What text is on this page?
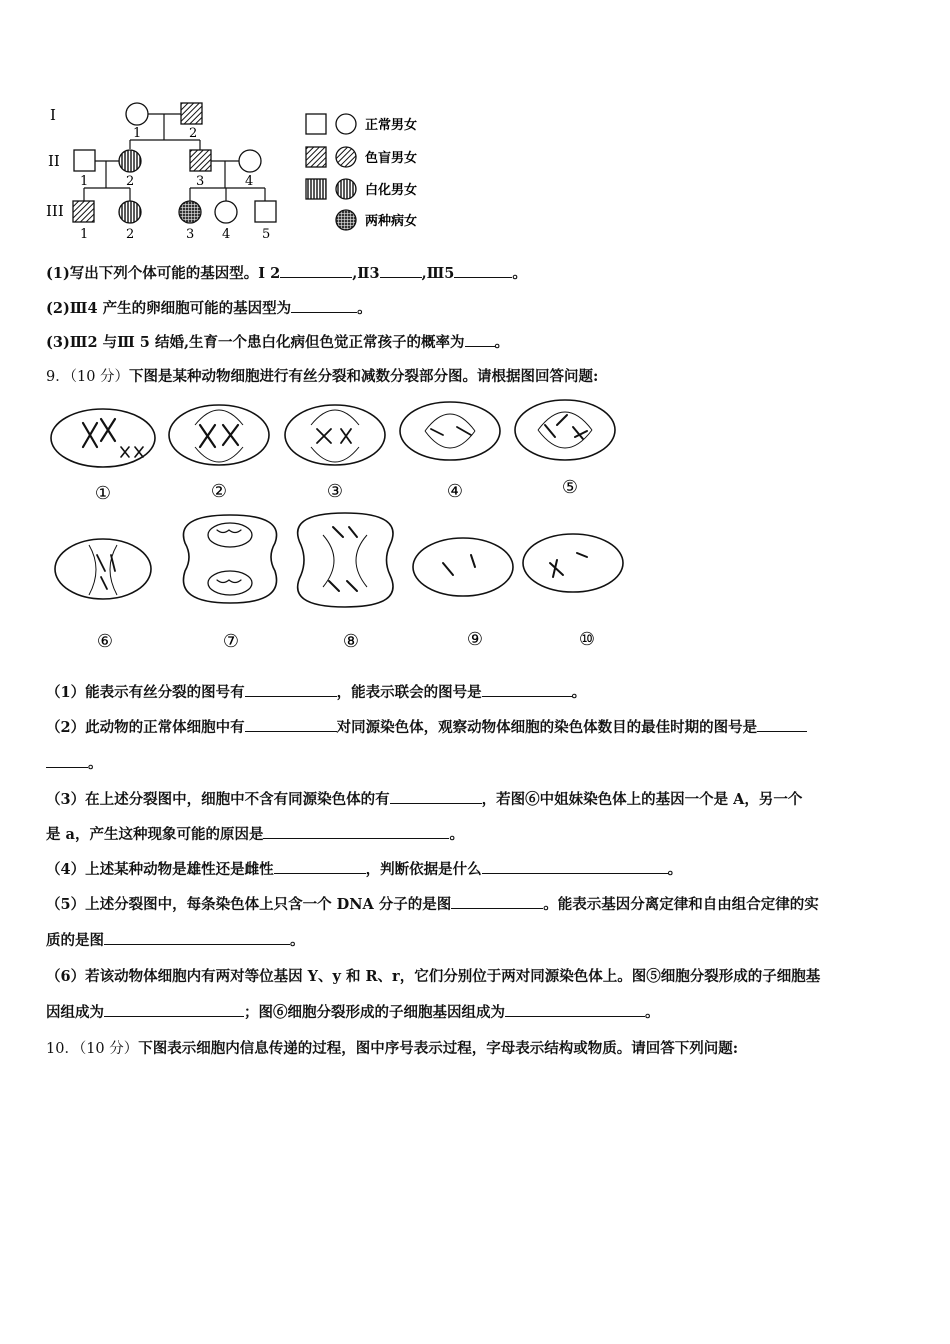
I
II
III
1	2
1	2	3	4
1	2	3 4 5
正常男女
色盲男女
白化男女
两种病女
(1)写出下列个体可能的基因型。Ⅰ 2	,Ⅱ3	,Ⅲ5	。
(2)Ⅲ4 产生的卵细胞可能的基因型为	。
(3)Ⅲ2 与Ⅲ 5 结婚,生育一个患白化病但色觉正常孩子的概率为 。
9．（10 分）下图是某种动物细胞进行有丝分裂和减数分裂部分图。请根据图回答问题:
①	②	③	④	⑤
⑥	⑦	⑧	⑨	⑩
（1）能表示有丝分裂的图号有	，能表示联会的图号是	。
（2）此动物的正常体细胞中有	对同源染色体，观察动物体细胞的染色体数目的最佳时期的图号是
。
（3）在上述分裂图中，细胞中不含有同源染色体的有	，若图⑥中姐妹染色体上的基因一个是 A，另一个
是 a，产生这种现象可能的原因是	。
（4）上述某种动物是雄性还是雌性	，判断依据是什么	。
（5）上述分裂图中，每条染色体上只含一个 DNA 分子的是图	。能表示基因分离定律和自由组合定律的实
质的是图	。
（6）若该动物体细胞内有两对等位基因 Y、y 和 R、r，它们分别位于两对同源染色体上。图⑤细胞分裂形成的子细胞基
因组成为	；图⑥细胞分裂形成的子细胞基因组成为	。
10．（10 分）下图表示细胞内信息传递的过程，图中序号表示过程，字母表示结构或物质。请回答下列问题:
